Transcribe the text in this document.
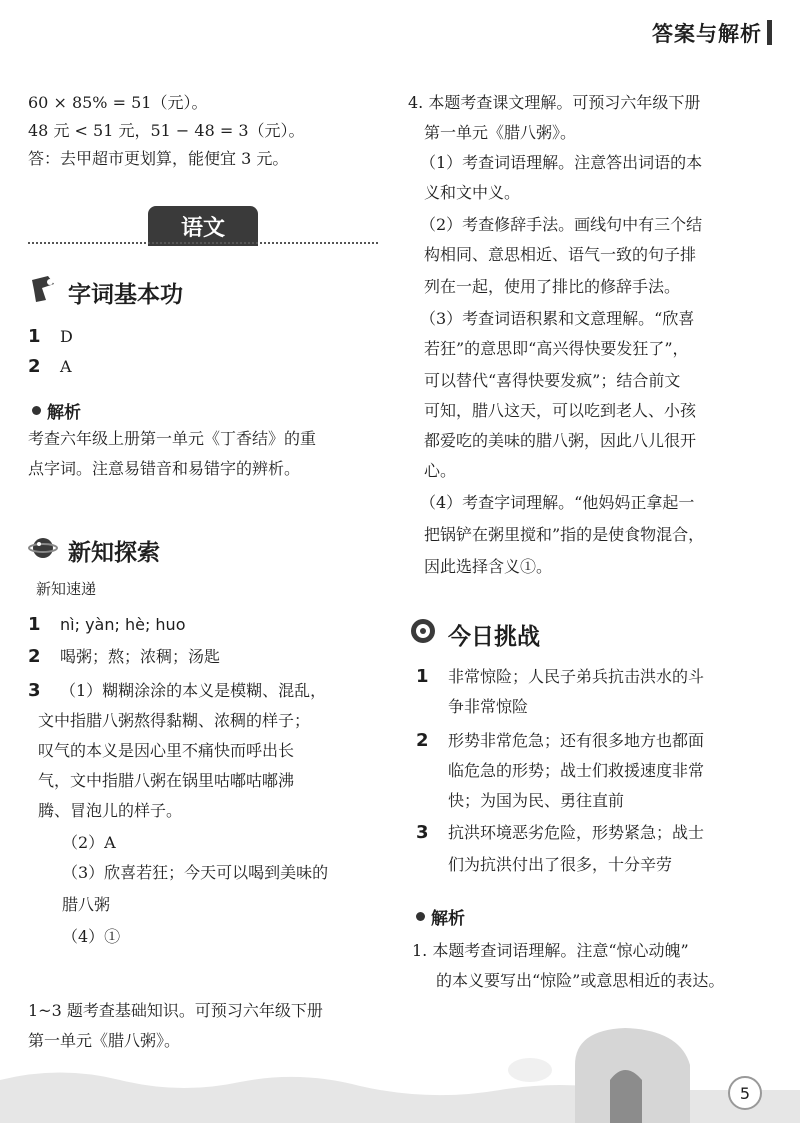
答案与解析
60 × 85% = 51（元）。
48 元 < 51 元，51 − 48 = 3（元）。
答：去甲超市更划算，能便宜 3 元。
语文
字词基本功
1 D
2 A
解析
考查六年级上册第一单元《丁香结》的重
点字词。注意易错音和易错字的辨析。
新知探索
新知速递
1 nì; yàn; hè; huo
2 喝粥；熬；浓稠；汤匙
3 （1）糊糊涂涂的本义是模糊、混乱，
文中指腊八粥熬得黏糊、浓稠的样子；
叹气的本义是因心里不痛快而呼出长
气，文中指腊八粥在锅里咕嘟咕嘟沸
腾、冒泡儿的样子。
（2）A
（3）欣喜若狂；今天可以喝到美味的
腊八粥
（4）①
1~3 题考查基础知识。可预习六年级下册
第一单元《腊八粥》。
4. 本题考查课文理解。可预习六年级下册
第一单元《腊八粥》。
（1）考查词语理解。注意答出词语的本
义和文中义。
（2）考查修辞手法。画线句中有三个结
构相同、意思相近、语气一致的句子排
列在一起，使用了排比的修辞手法。
（3）考查词语积累和文意理解。“欣喜
若狂”的意思即“高兴得快要发狂了”，
可以替代“喜得快要发疯”；结合前文
可知，腊八这天，可以吃到老人、小孩
都爱吃的美味的腊八粥，因此八儿很开
心。
（4）考查字词理解。“他妈妈正拿起一
把锅铲在粥里搅和”指的是使食物混合，
因此选择含义①。
今日挑战
1 非常惊险；人民子弟兵抗击洪水的斗
争非常惊险
2 形势非常危急；还有很多地方也都面
临危急的形势；战士们救援速度非常
快；为国为民、勇往直前
3 抗洪环境恶劣危险，形势紧急；战士
们为抗洪付出了很多，十分辛劳
解析
1. 本题考查词语理解。注意“惊心动魄”
的本义要写出“惊险”或意思相近的表达。
5
